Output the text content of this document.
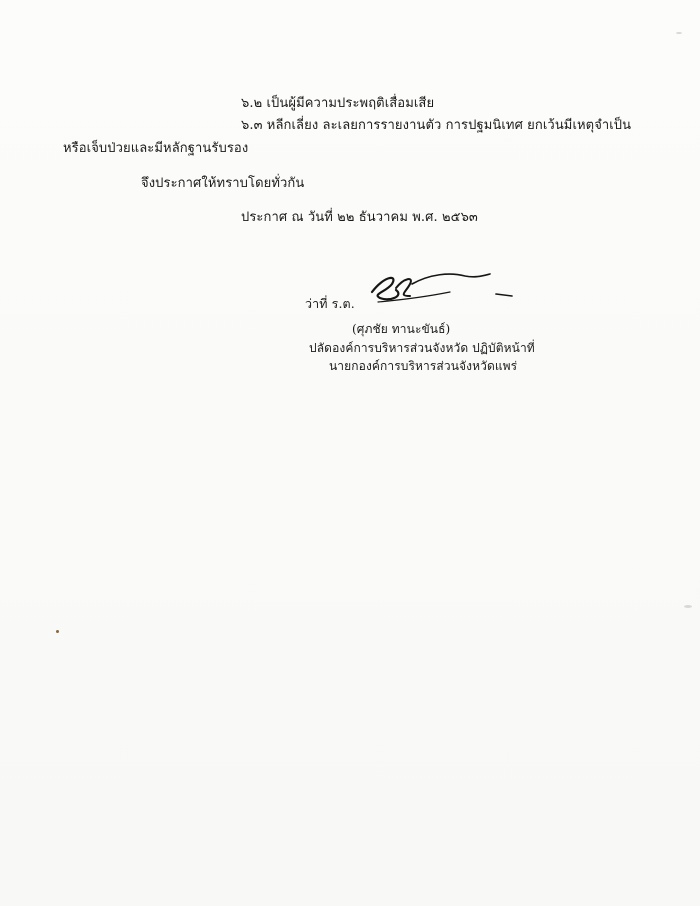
๖.๒ เป็นผู้มีความประพฤติเสื่อมเสีย
๖.๓ หลีกเลี่ยง ละเลยการรายงานตัว การปฐมนิเทศ ยกเว้นมีเหตุจำเป็น
หรือเจ็บป่วยและมีหลักฐานรับรอง
จึงประกาศให้ทราบโดยทั่วกัน
ประกาศ ณ วันที่ ๒๒ ธันวาคม พ.ศ. ๒๕๖๓
ว่าที่ ร.ต.
(ศุภชัย ทานะขันธ์)
ปลัดองค์การบริหารส่วนจังหวัด ปฏิบัติหน้าที่
นายกองค์การบริหารส่วนจังหวัดแพร่
